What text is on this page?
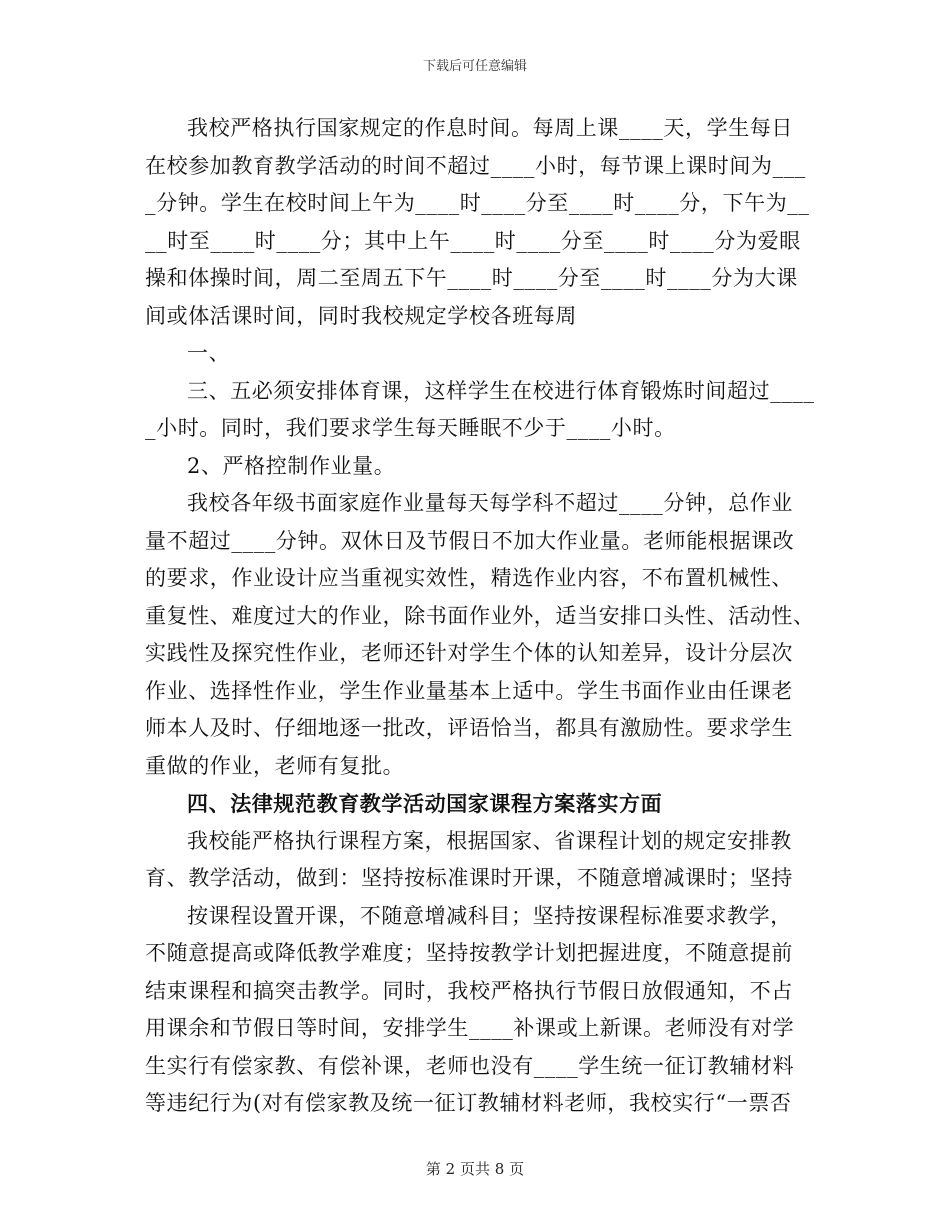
下载后可任意编辑
我校严格执行国家规定的作息时间。每周上课____天，学生每日
在校参加教育教学活动的时间不超过____小时，每节课上课时间为___
_分钟。学生在校时间上午为____时____分至____时____分，下午为__
__时至____时____分；其中上午____时____分至____时____分为爱眼
操和体操时间，周二至周五下午____时____分至____时____分为大课
间或体活课时间，同时我校规定学校各班每周
一、
三、五必须安排体育课，这样学生在校进行体育锻炼时间超过____
_小时。同时，我们要求学生每天睡眠不少于____小时。
2、严格控制作业量。
我校各年级书面家庭作业量每天每学科不超过____分钟，总作业
量不超过____分钟。双休日及节假日不加大作业量。老师能根据课改
的要求，作业设计应当重视实效性，精选作业内容，不布置机械性、
重复性、难度过大的作业，除书面作业外，适当安排口头性、活动性、
实践性及探究性作业，老师还针对学生个体的认知差异，设计分层次
作业、选择性作业，学生作业量基本上适中。学生书面作业由任课老
师本人及时、仔细地逐一批改，评语恰当，都具有激励性。要求学生
重做的作业，老师有复批。
四、法律规范教育教学活动国家课程方案落实方面
我校能严格执行课程方案，根据国家、省课程计划的规定安排教
育、教学活动，做到：坚持按标准课时开课，不随意增减课时；坚持
按课程设置开课，不随意增减科目；坚持按课程标准要求教学，
不随意提高或降低教学难度；坚持按教学计划把握进度，不随意提前
结束课程和搞突击教学。同时，我校严格执行节假日放假通知，不占
用课余和节假日等时间，安排学生____补课或上新课。老师没有对学
生实行有偿家教、有偿补课，老师也没有____学生统一征订教辅材料
等违纪行为(对有偿家教及统一征订教辅材料老师，我校实行“一票否
第 2 页共 8 页
